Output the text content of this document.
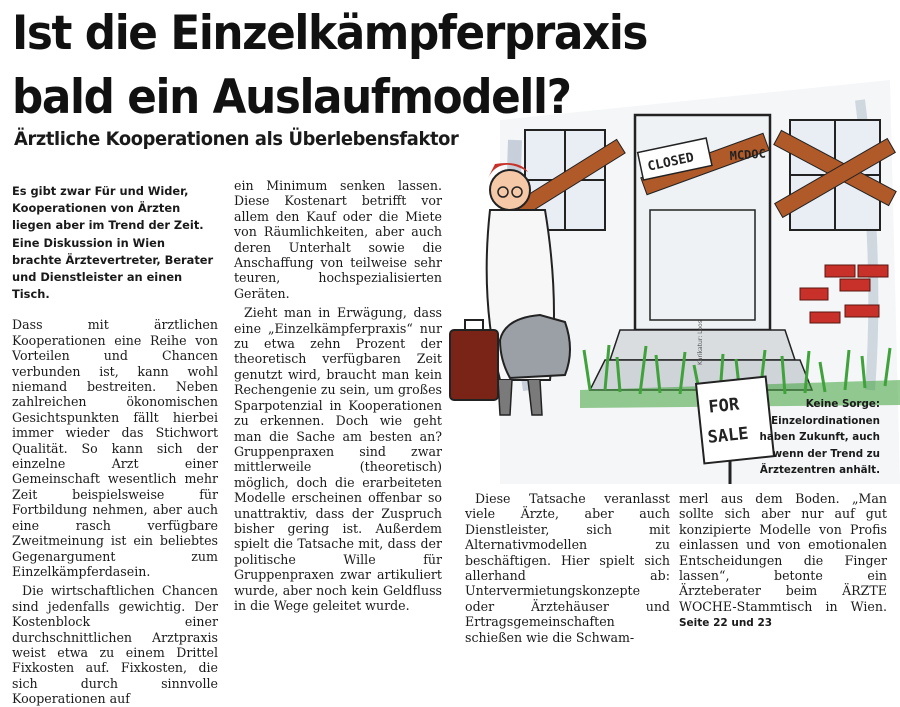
Ist die Einzelkämpferpraxis
bald ein Auslaufmodell?
Ärztliche Kooperationen als Überlebensfaktor

Es gibt zwar Für und Wider, Kooperationen von Ärzten liegen aber im Trend der Zeit. Eine Diskussion in Wien brachte Ärztevertreter, Berater und Dienstleister an einen Tisch.

Dass mit ärztlichen Kooperationen eine Reihe von Vorteilen und Chancen verbunden ist, kann wohl niemand bestreiten. Neben zahlreichen ökonomischen Gesichtspunkten fällt hierbei immer wieder das Stichwort Qualität. So kann sich der einzelne Arzt einer Gemeinschaft wesentlich mehr Zeit beispielsweise für Fortbildung nehmen, aber auch eine rasch verfügbare Zweitmeinung ist ein beliebtes Gegenargument zum Einzelkämpferdasein.

Die wirtschaftlichen Chancen sind jedenfalls gewichtig. Der Kostenblock einer durchschnittlichen Arztpraxis weist etwa zu einem Drittel Fixkosten auf. Fixkosten, die sich durch sinnvolle Kooperationen auf

ein Minimum senken lassen. Diese Kostenart betrifft vor allem den Kauf oder die Miete von Räumlichkeiten, aber auch deren Unterhalt sowie die Anschaffung von teilweise sehr teuren, hochspezialisierten Geräten.

Zieht man in Erwägung, dass eine „Einzelkämpferpraxis“ nur zu etwa zehn Prozent der theoretisch verfügbaren Zeit genutzt wird, braucht man kein Rechengenie zu sein, um großes Sparpotenzial in Kooperationen zu erkennen. Doch wie geht man die Sache am besten an? Gruppenpraxen sind zwar mittlerweile (theoretisch) möglich, doch die erarbeiteten Modelle erscheinen offenbar so unattraktiv, dass der Zuspruch bisher gering ist. Außerdem spielt die Tatsache mit, dass der politische Wille für Gruppenpraxen zwar artikuliert wurde, aber noch kein Geldfluss in die Wege geleitet wurde.

Diese Tatsache veranlasst viele Ärzte, aber auch Dienstleister, sich mit Alternativmodellen zu beschäftigen. Hier spielt sich allerhand ab: Untervermietungskonzepte oder Ärztehäuser und Ertragsgemeinschaften schießen wie die Schwam-

merl aus dem Boden. „Man sollte sich aber nur auf gut konzipierte Modelle von Profis einlassen und von emotionalen Entscheidungen die Finger lassen“, betonte ein Ärzteberater beim ÄRZTE WOCHE-Stammtisch in Wien. Seite 22 und 23

CLOSED	MCDOC
FOR
SALE
Karikatur: Loos

Keine Sorge: Einzelordinationen haben Zukunft, auch wenn der Trend zu Ärztezentren anhält.
